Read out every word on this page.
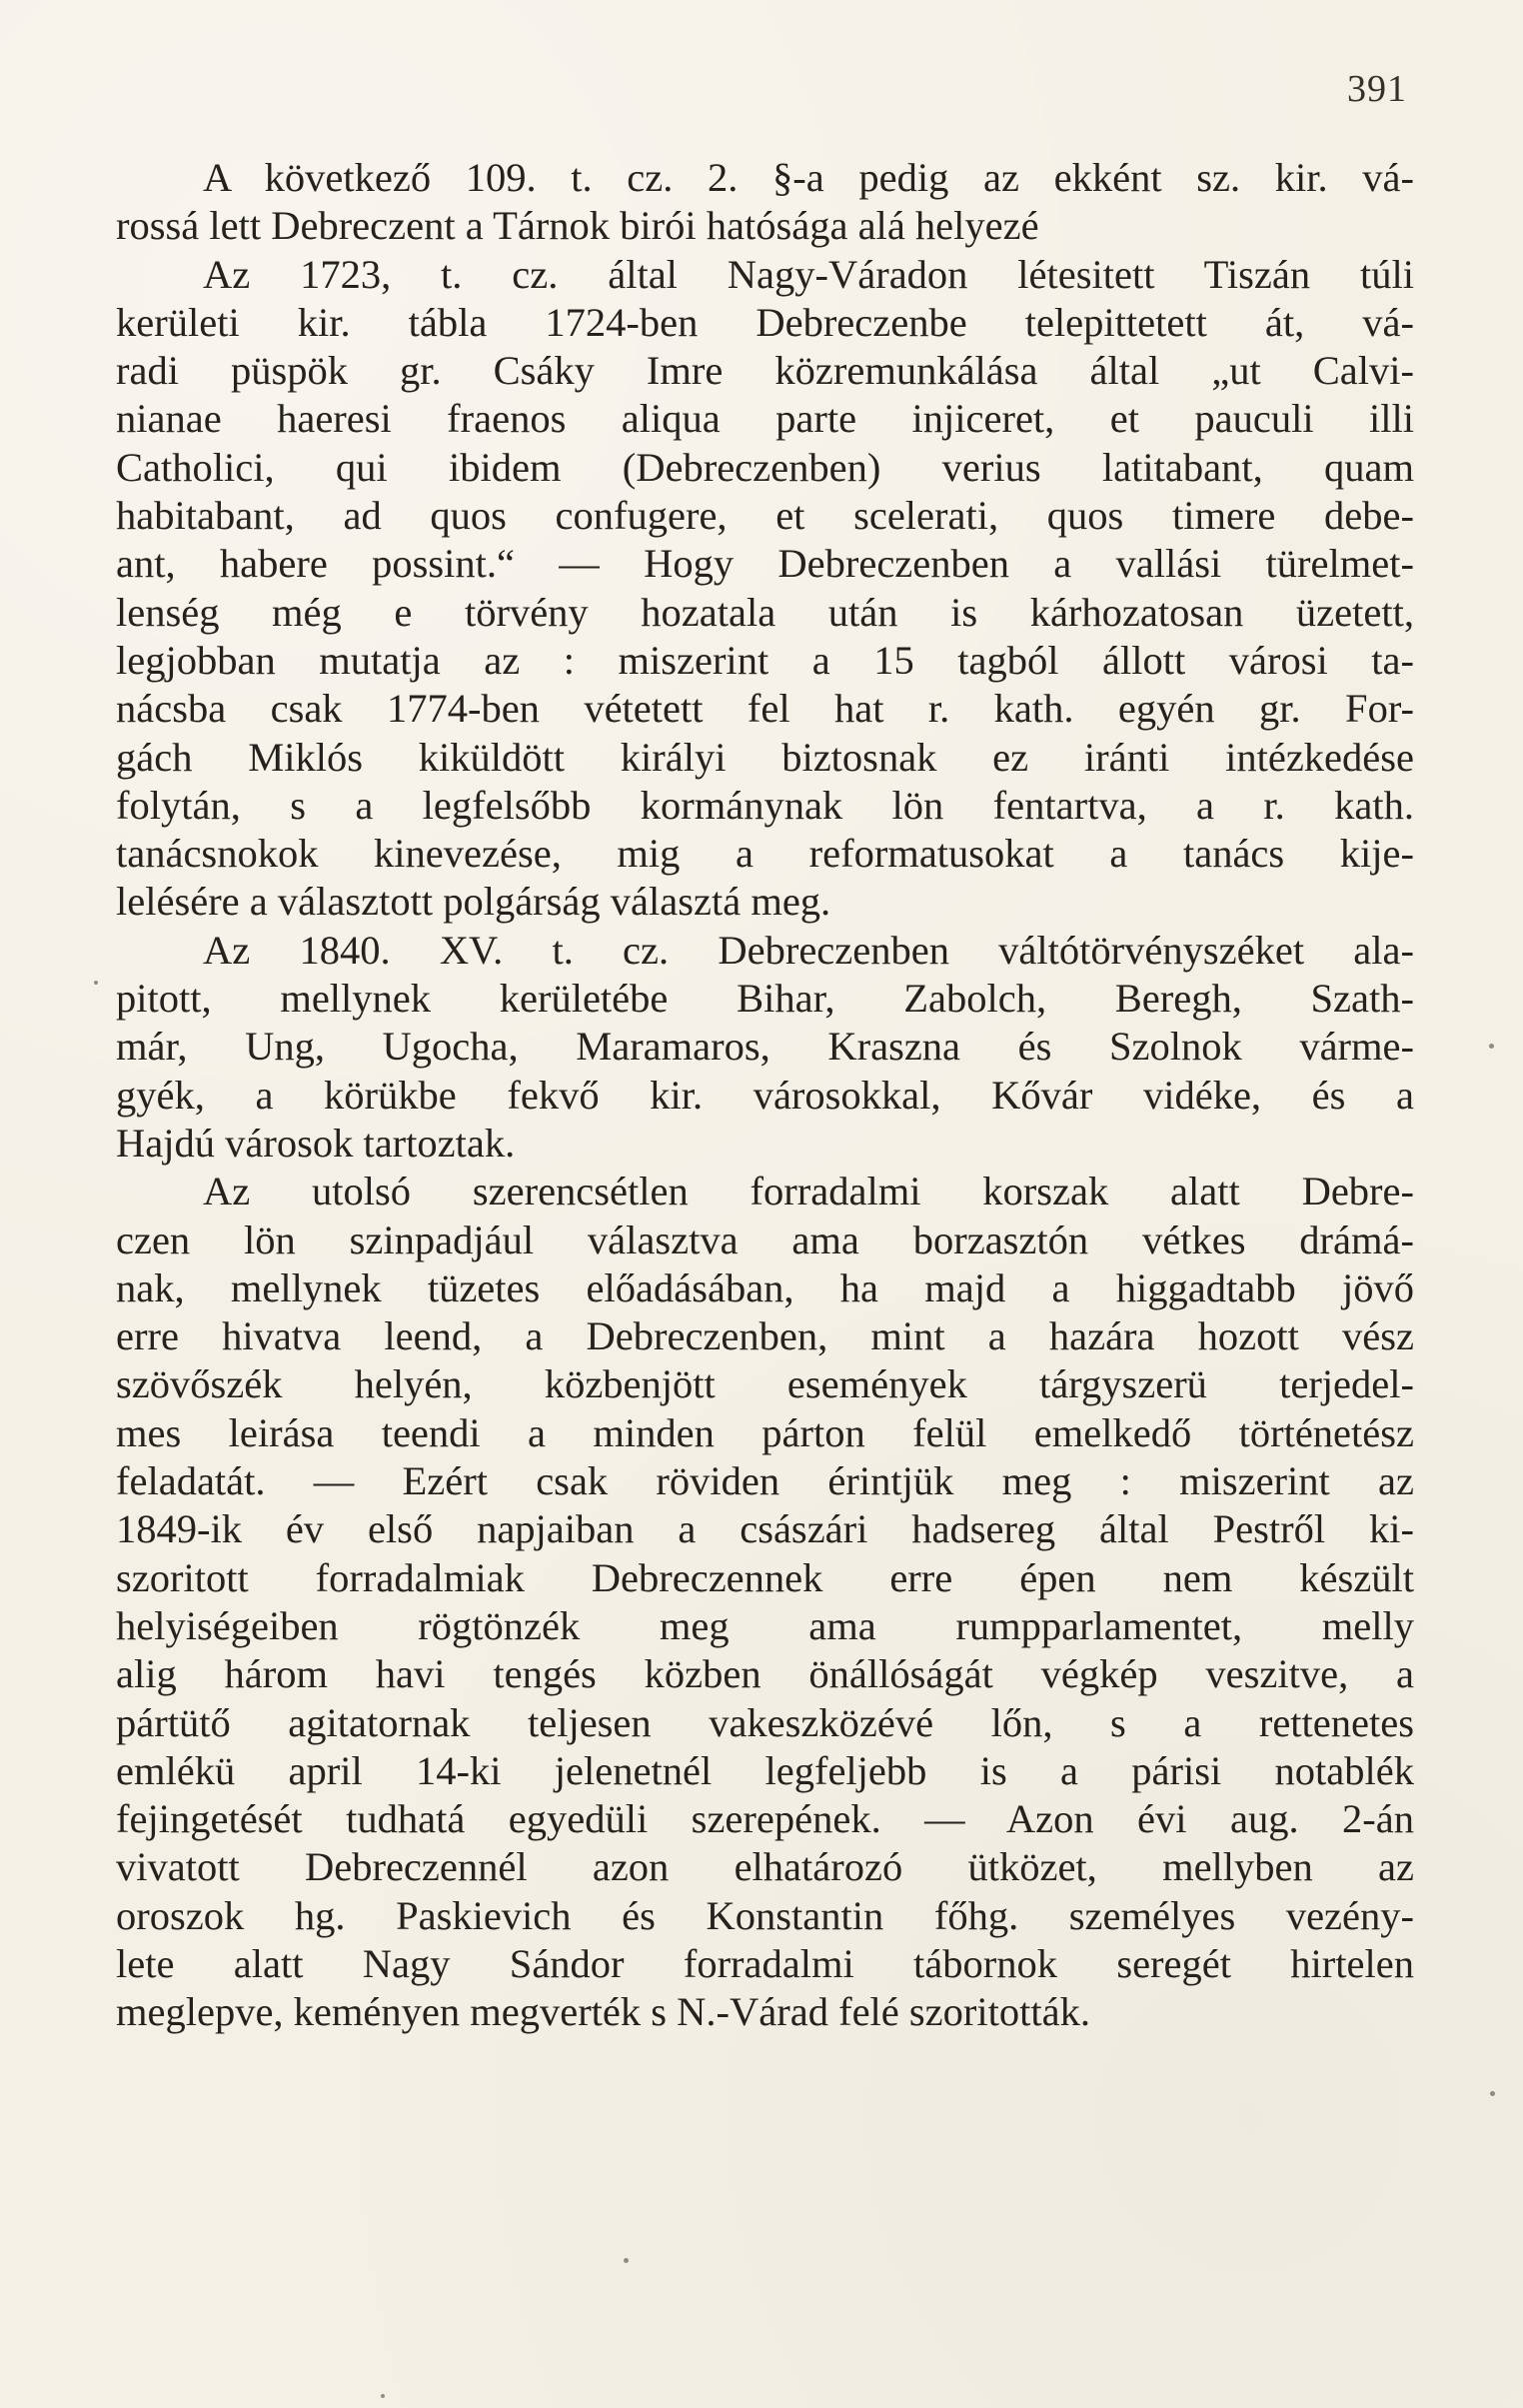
391
A következő 109. t. cz. 2. §-a pedig az ekként sz. kir. vá-
rossá lett Debreczent a Tárnok birói hatósága alá helyezé
Az 1723, t. cz. által Nagy-Váradon létesitett Tiszán túli
kerületi kir. tábla 1724-ben Debreczenbe telepittetett át, vá-
radi püspök gr. Csáky Imre közremunkálása által „ut Calvi-
nianae haeresi fraenos aliqua parte injiceret, et pauculi illi
Catholici, qui ibidem (Debreczenben) verius latitabant, quam
habitabant, ad quos confugere, et scelerati, quos timere debe-
ant, habere possint.“ — Hogy Debreczenben a vallási türelmet-
lenség még e törvény hozatala után is kárhozatosan üzetett,
legjobban mutatja az : miszerint a 15 tagból állott városi ta-
nácsba csak 1774-ben vétetett fel hat r. kath. egyén gr. For-
gách Miklós kiküldött királyi biztosnak ez iránti intézkedése
folytán, s a legfelsőbb kormánynak lön fentartva, a r. kath.
tanácsnokok kinevezése, mig a reformatusokat a tanács kije-
lelésére a választott polgárság választá meg.
Az 1840. XV. t. cz. Debreczenben váltótörvényszéket ala-
pitott, mellynek kerületébe Bihar, Zabolch, Beregh, Szath-
már, Ung, Ugocha, Maramaros, Kraszna és Szolnok várme-
gyék, a körükbe fekvő kir. városokkal, Kővár vidéke, és a
Hajdú városok tartoztak.
Az utolsó szerencsétlen forradalmi korszak alatt Debre-
czen lön szinpadjául választva ama borzasztón vétkes drámá-
nak, mellynek tüzetes előadásában, ha majd a higgadtabb jövő
erre hivatva leend, a Debreczenben, mint a hazára hozott vész
szövőszék helyén, közbenjött események tárgyszerü terjedel-
mes leirása teendi a minden párton felül emelkedő történetész
feladatát. — Ezért csak röviden érintjük meg : miszerint az
1849-ik év első napjaiban a császári hadsereg által Pestről ki-
szoritott forradalmiak Debreczennek erre épen nem készült
helyiségeiben rögtönzék meg ama rumpparlamentet, melly
alig három havi tengés közben önállóságát végkép veszitve, a
pártütő agitatornak teljesen vakeszközévé lőn, s a rettenetes
emlékü april 14-ki jelenetnél legfeljebb is a párisi notablék
fejingetését tudhatá egyedüli szerepének. — Azon évi aug. 2-án
vivatott Debreczennél azon elhatározó ütközet, mellyben az
oroszok hg. Paskievich és Konstantin főhg. személyes vezény-
lete alatt Nagy Sándor forradalmi tábornok seregét hirtelen
meglepve, keményen megverték s N.-Várad felé szoritották.
